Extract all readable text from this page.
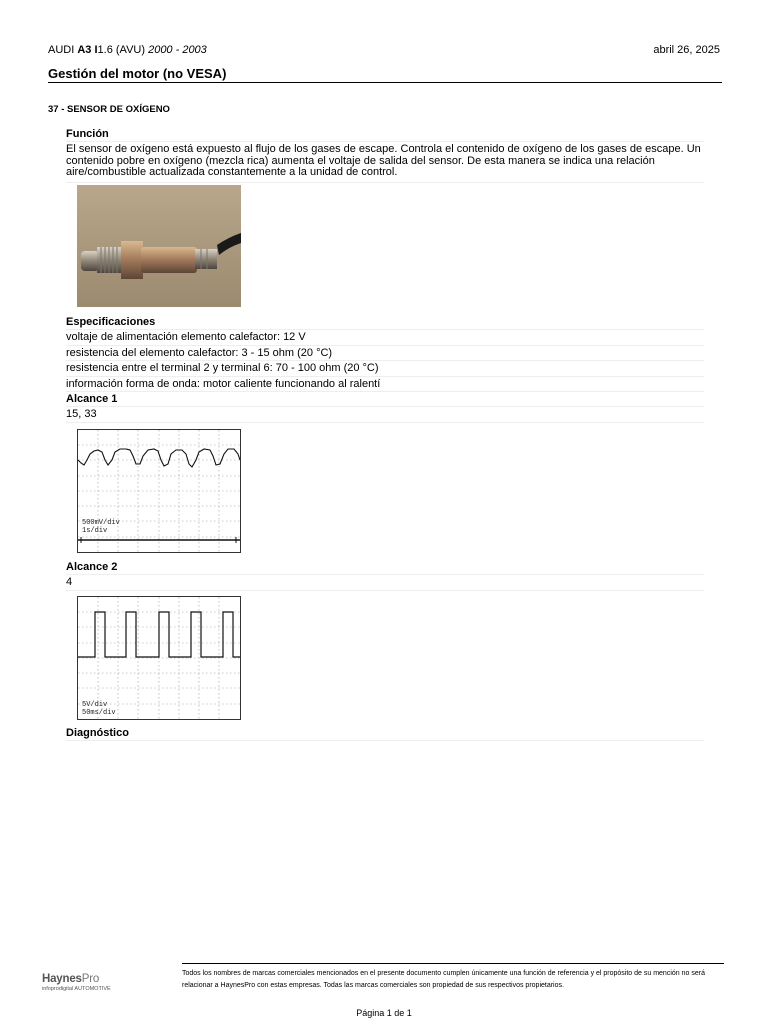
AUDI A3 I1.6 (AVU) 2000 - 2003	abril 26, 2025
Gestión del motor (no VESA)
37 - SENSOR DE OXÍGENO
Función
El sensor de oxígeno está expuesto al flujo de los gases de escape. Controla el contenido de oxígeno de los gases de escape. Un contenido pobre en oxígeno (mezcla rica) aumenta el voltaje de salida del sensor. De esta manera se indica una relación aire/combustible actualizada constantemente a la unidad de control.
Especificaciones
voltaje de alimentación elemento calefactor: 12 V
resistencia del elemento calefactor: 3 - 15 ohm (20 °C)
resistencia entre el terminal 2 y terminal 6: 70 - 100 ohm (20 °C)
información forma de onda: motor caliente funcionando al ralentí
Alcance 1
15, 33
500mV/div
1s/div
Alcance 2
4
5V/div
50ms/div
Diagnóstico
HaynesPro
infoprodigital AUTOMOTIVE
Todos los nombres de marcas comerciales mencionados en el presente documento cumplen únicamente una función de referencia y el propósito de su mención no será relacionar a HaynesPro con estas empresas. Todas las marcas comerciales son propiedad de sus respectivos propietarios.
Página 1 de 1
